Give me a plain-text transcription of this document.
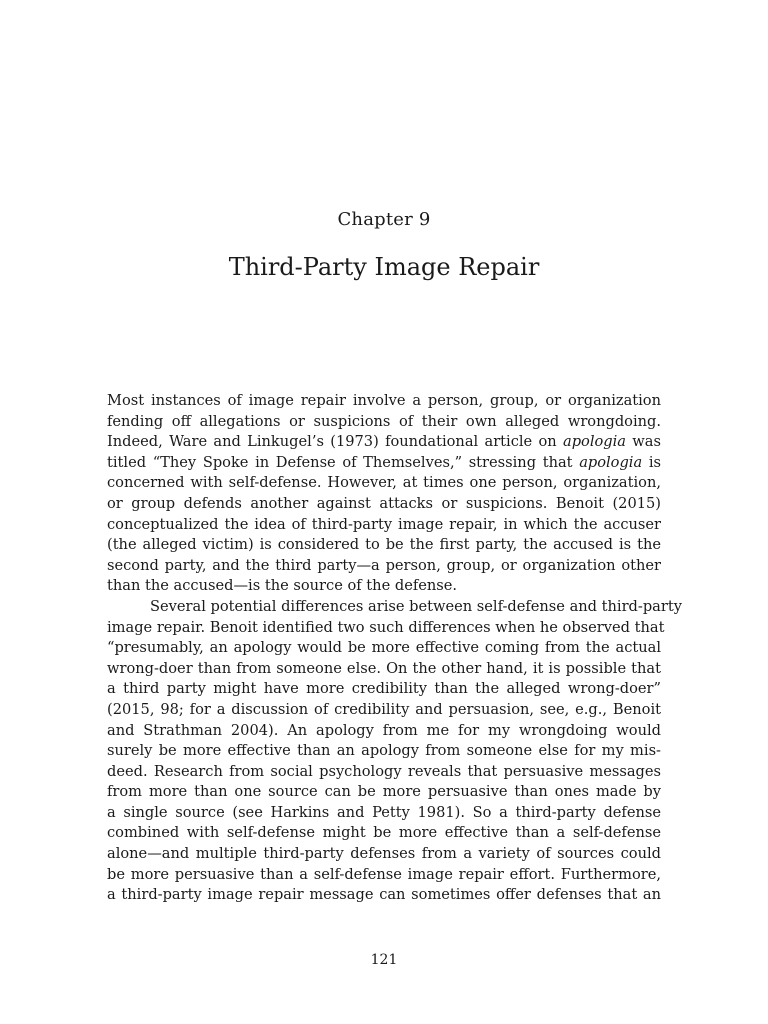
Chapter 9
Third-Party Image Repair
Most instances of image repair involve a person, group, or organization
fending off allegations or suspicions of their own alleged wrongdoing.
Indeed, Ware and Linkugel’s (1973) foundational article on apologia was
titled “They Spoke in Defense of Themselves,” stressing that apologia is
concerned with self-defense. However, at times one person, organization,
or group defends another against attacks or suspicions. Benoit (2015)
conceptualized the idea of third-party image repair, in which the accuser
(the alleged victim) is considered to be the first party, the accused is the
second party, and the third party—a person, group, or organization other
than the accused—is the source of the defense.
Several potential differences arise between self-defense and third-party
image repair. Benoit identified two such differences when he observed that
“presumably, an apology would be more effective coming from the actual
wrong-doer than from someone else. On the other hand, it is possible that
a third party might have more credibility than the alleged wrong-doer”
(2015, 98; for a discussion of credibility and persuasion, see, e.g., Benoit
and Strathman 2004). An apology from me for my wrongdoing would
surely be more effective than an apology from someone else for my mis-
deed. Research from social psychology reveals that persuasive messages
from more than one source can be more persuasive than ones made by
a single source (see Harkins and Petty 1981). So a third-party defense
combined with self-defense might be more effective than a self-defense
alone—and multiple third-party defenses from a variety of sources could
be more persuasive than a self-defense image repair effort. Furthermore,
a third-party image repair message can sometimes offer defenses that an
121
